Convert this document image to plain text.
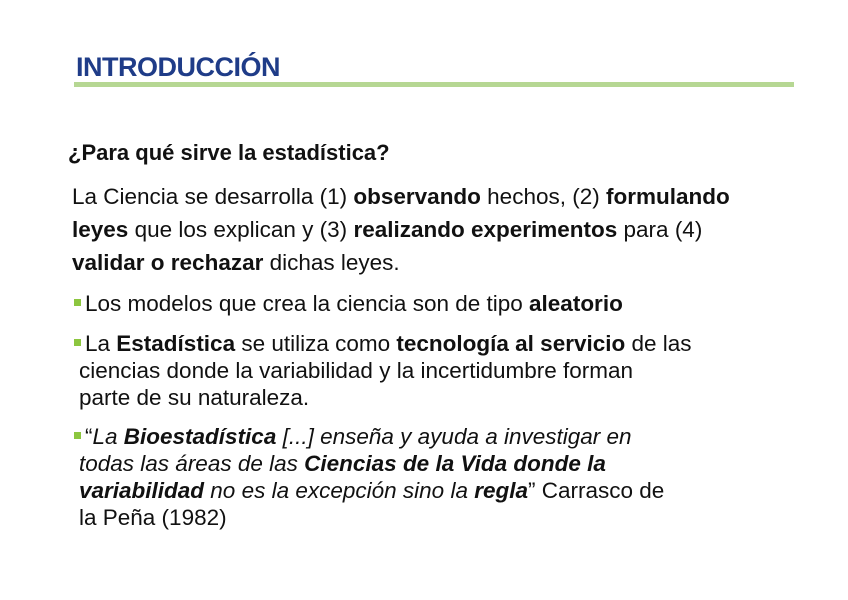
INTRODUCCIÓN
¿Para qué sirve la estadística?
La Ciencia se desarrolla (1) observando hechos, (2) formulando
leyes que los explican y (3) realizando experimentos para (4)
validar o rechazar dichas leyes.
Los modelos que crea la ciencia son de tipo aleatorio
La Estadística se utiliza como tecnología al servicio de las
ciencias donde la variabilidad y la incertidumbre forman
parte de su naturaleza.
“La Bioestadística [...] enseña y ayuda a investigar en
todas las áreas de las Ciencias de la Vida donde la
variabilidad no es la excepción sino la regla” Carrasco de
la Peña (1982)
